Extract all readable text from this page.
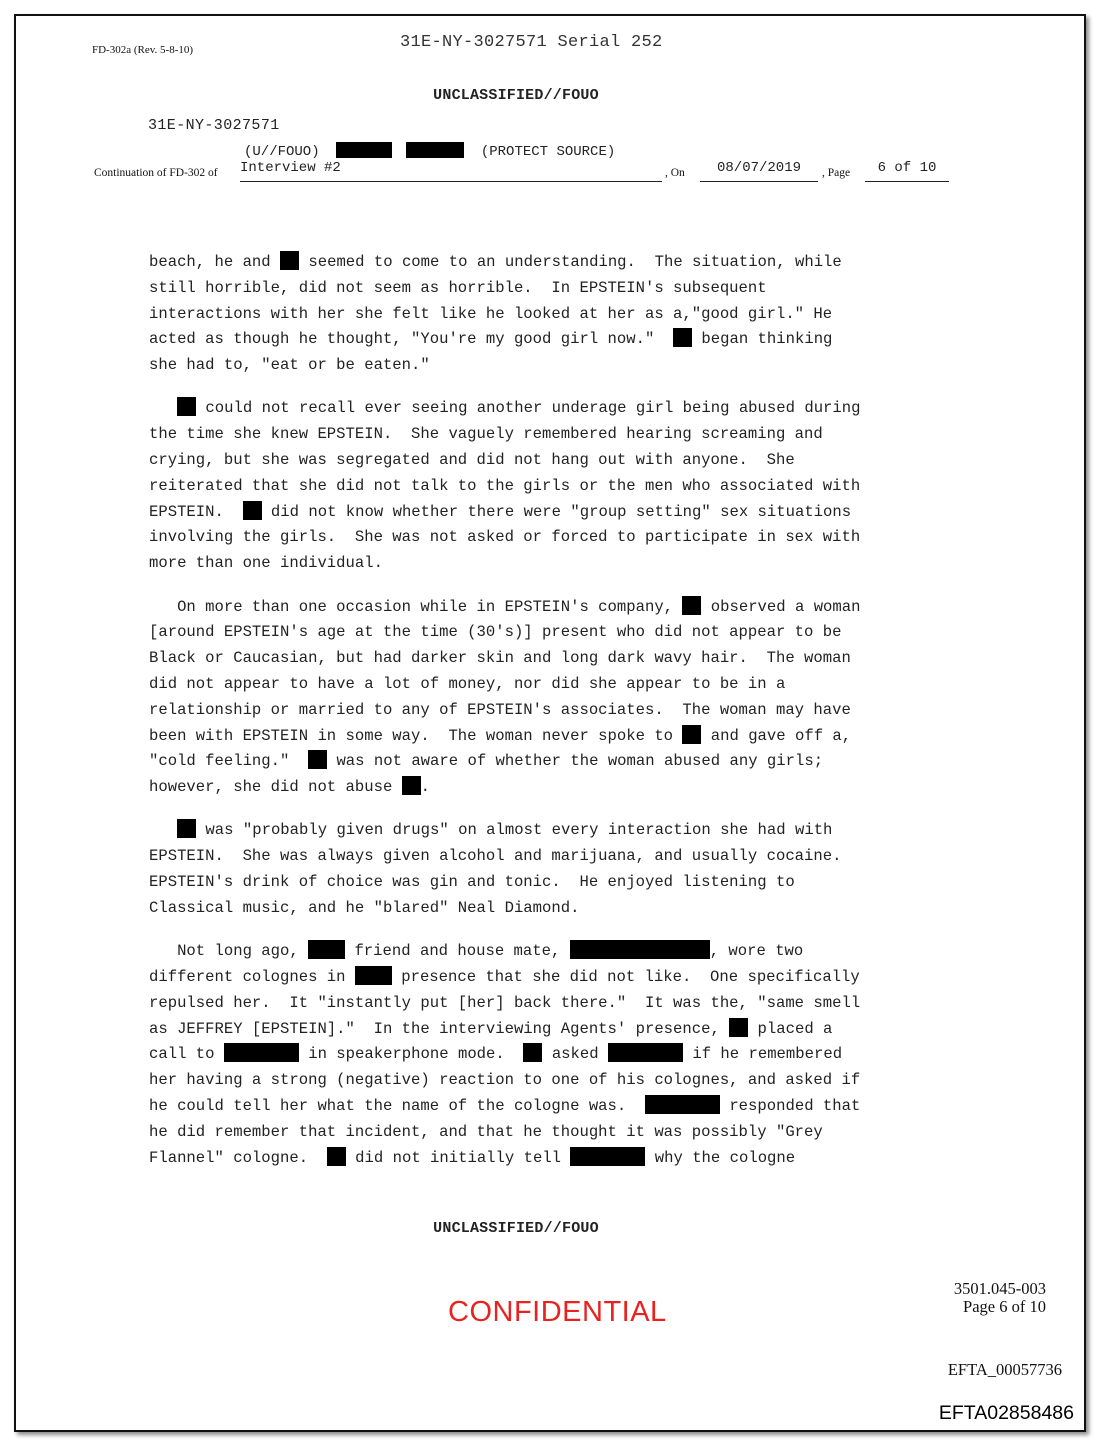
FD-302a (Rev. 5-8-10)	31E-NY-3027571 Serial 252
UNCLASSIFIED//FOUO
31E-NY-3027571
(U//FOUO)	(PROTECT SOURCE)
Continuation of FD-302 of Interview #2	, On	08/07/2019	, Page	6 of 10

beach, he and  seemed to come to an understanding.  The situation, while
still horrible, did not seem as horrible.  In EPSTEIN's subsequent
interactions with her she felt like he looked at her as a,"good girl." He
acted as though he thought, "You're my good girl now."   began thinking
she had to, "eat or be eaten."

could not recall ever seeing another underage girl being abused during
the time she knew EPSTEIN.  She vaguely remembered hearing screaming and
crying, but she was segregated and did not hang out with anyone.  She
reiterated that she did not talk to the girls or the men who associated with
EPSTEIN.   did not know whether there were "group setting" sex situations
involving the girls.  She was not asked or forced to participate in sex with
more than one individual.

On more than one occasion while in EPSTEIN's company,  observed a woman
[around EPSTEIN's age at the time (30's)] present who did not appear to be
Black or Caucasian, but had darker skin and long dark wavy hair.  The woman
did not appear to have a lot of money, nor did she appear to be in a
relationship or married to any of EPSTEIN's associates.  The woman may have
been with EPSTEIN in some way.  The woman never spoke to  and gave off a,
"cold feeling."   was not aware of whether the woman abused any girls;
however, she did not abuse .

was "probably given drugs" on almost every interaction she had with
EPSTEIN.  She was always given alcohol and marijuana, and usually cocaine.
EPSTEIN's drink of choice was gin and tonic.  He enjoyed listening to
Classical music, and he "blared" Neal Diamond.

Not long ago,  friend and house mate,	, wore two
different colognes in  presence that she did not like.  One specifically
repulsed her.  It "instantly put [her] back there."  It was the, "same smell
as JEFFREY [EPSTEIN]."  In the interviewing Agents' presence,  placed a
call to	in speakerphone mode.   asked	if he remembered
her having a strong (negative) reaction to one of his colognes, and asked if
he could tell her what the name of the cologne was.	responded that
he did remember that incident, and that he thought it was possibly "Grey
Flannel" cologne.   did not initially tell	why the cologne

UNCLASSIFIED//FOUO
CONFIDENTIAL
3501.045-003
Page 6 of 10
EFTA_00057736
EFTA02858486
